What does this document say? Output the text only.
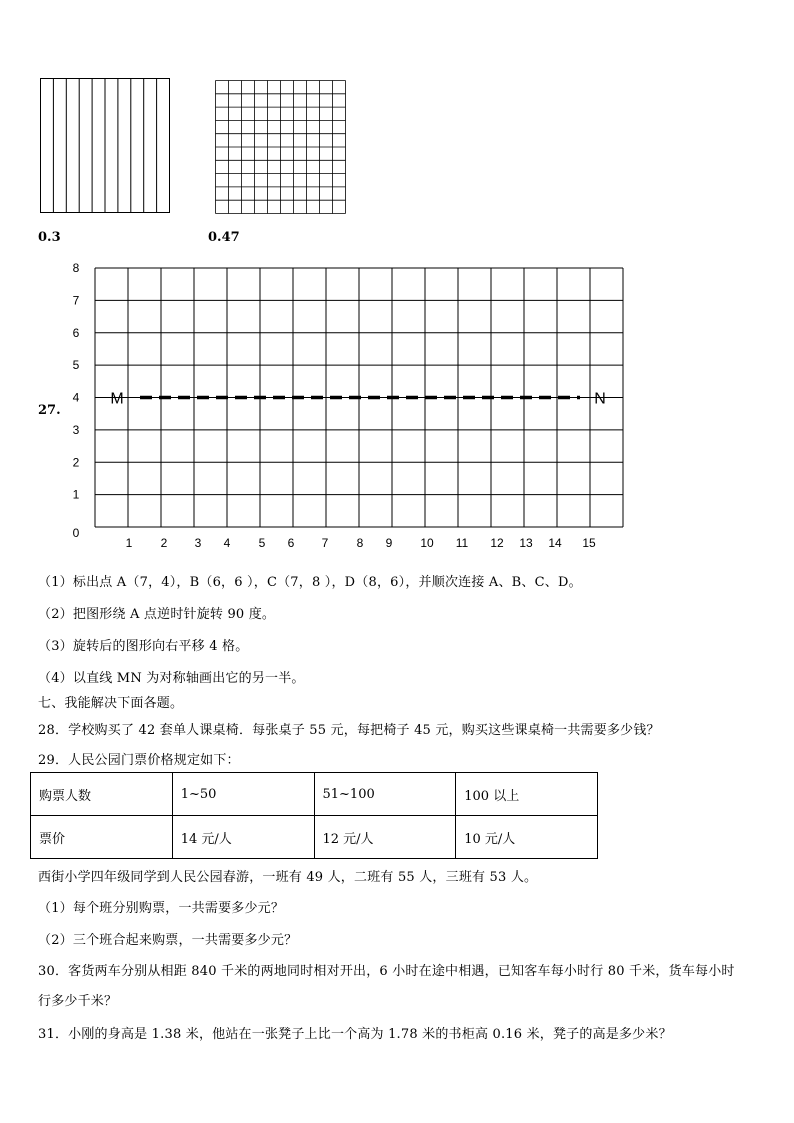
0.3	0.47
27.
0
1
2
3
4
5
6
7
8
1 2 3 4 5 6 7 8 9 10 11 12 13 14 15
M	N
（1）标出点 A（7，4），B（6，6 ），C（7，8 ），D（8，6），并顺次连接 A、B、C、D。
（2）把图形绕 A 点逆时针旋转 90 度。
（3）旋转后的图形向右平移 4 格。
（4）以直线 MN 为对称轴画出它的另一半。
七、我能解决下面各题。
28．学校购买了 42 套单人课桌椅．每张桌子 55 元，每把椅子 45 元，购买这些课桌椅一共需要多少钱？
29．人民公园门票价格规定如下：
购票人数	1~50	51~100	100 以上
票价	14 元/人	12 元/人	10 元/人
西街小学四年级同学到人民公园春游，一班有 49 人，二班有 55 人，三班有 53 人。
（1）每个班分别购票，一共需要多少元？
（2）三个班合起来购票，一共需要多少元？
30．客货两车分别从相距 840 千米的两地同时相对开出，6 小时在途中相遇，已知客车每小时行 80 千米，货车每小时
行多少千米？
31．小刚的身高是 1.38 米，他站在一张凳子上比一个高为 1.78 米的书柜高 0.16 米，凳子的高是多少米？
